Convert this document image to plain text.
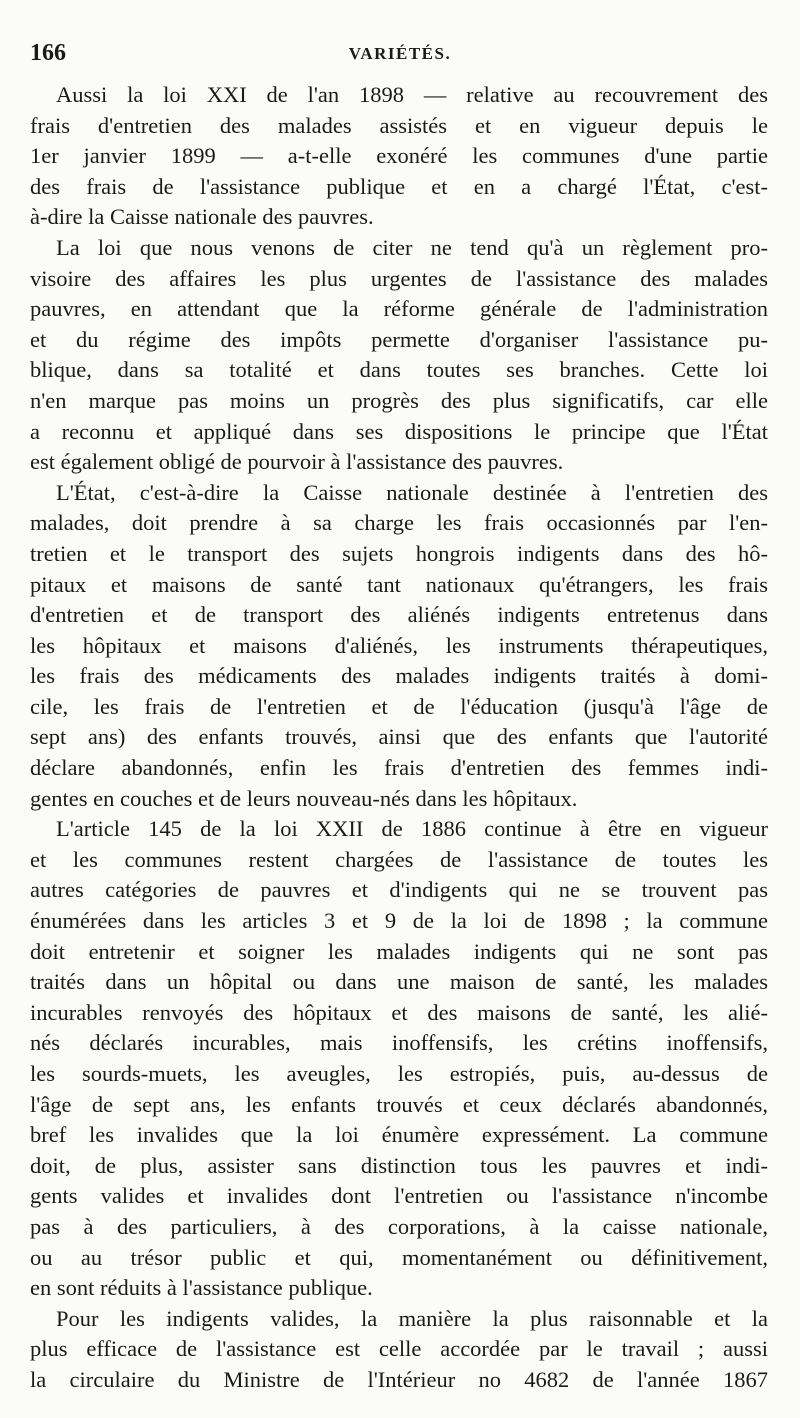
166	VARIÉTÉS.

Aussi la loi XXI de l'an 1898 — relative au recouvrement des
frais d'entretien des malades assistés et en vigueur depuis le
1er janvier 1899 — a-t-elle exonéré les communes d'une partie
des frais de l'assistance publique et en a chargé l'État, c'est-
à-dire la Caisse nationale des pauvres.

La loi que nous venons de citer ne tend qu'à un règlement pro-
visoire des affaires les plus urgentes de l'assistance des malades
pauvres, en attendant que la réforme générale de l'administration
et du régime des impôts permette d'organiser l'assistance pu-
blique, dans sa totalité et dans toutes ses branches. Cette loi
n'en marque pas moins un progrès des plus significatifs, car elle
a reconnu et appliqué dans ses dispositions le principe que l'État
est également obligé de pourvoir à l'assistance des pauvres.

L'État, c'est-à-dire la Caisse nationale destinée à l'entretien des
malades, doit prendre à sa charge les frais occasionnés par l'en-
tretien et le transport des sujets hongrois indigents dans des hô-
pitaux et maisons de santé tant nationaux qu'étrangers, les frais
d'entretien et de transport des aliénés indigents entretenus dans
les hôpitaux et maisons d'aliénés, les instruments thérapeutiques,
les frais des médicaments des malades indigents traités à domi-
cile, les frais de l'entretien et de l'éducation (jusqu'à l'âge de
sept ans) des enfants trouvés, ainsi que des enfants que l'autorité
déclare abandonnés, enfin les frais d'entretien des femmes indi-
gentes en couches et de leurs nouveau-nés dans les hôpitaux.

L'article 145 de la loi XXII de 1886 continue à être en vigueur
et les communes restent chargées de l'assistance de toutes les
autres catégories de pauvres et d'indigents qui ne se trouvent pas
énumérées dans les articles 3 et 9 de la loi de 1898 ; la commune
doit entretenir et soigner les malades indigents qui ne sont pas
traités dans un hôpital ou dans une maison de santé, les malades
incurables renvoyés des hôpitaux et des maisons de santé, les alié-
nés déclarés incurables, mais inoffensifs, les crétins inoffensifs,
les sourds-muets, les aveugles, les estropiés, puis, au-dessus de
l'âge de sept ans, les enfants trouvés et ceux déclarés abandonnés,
bref les invalides que la loi énumère expressément. La commune
doit, de plus, assister sans distinction tous les pauvres et indi-
gents valides et invalides dont l'entretien ou l'assistance n'incombe
pas à des particuliers, à des corporations, à la caisse nationale,
ou au trésor public et qui, momentanément ou définitivement,
en sont réduits à l'assistance publique.

Pour les indigents valides, la manière la plus raisonnable et la
plus efficace de l'assistance est celle accordée par le travail ; aussi
la circulaire du Ministre de l'Intérieur no 4682 de l'année 1867
